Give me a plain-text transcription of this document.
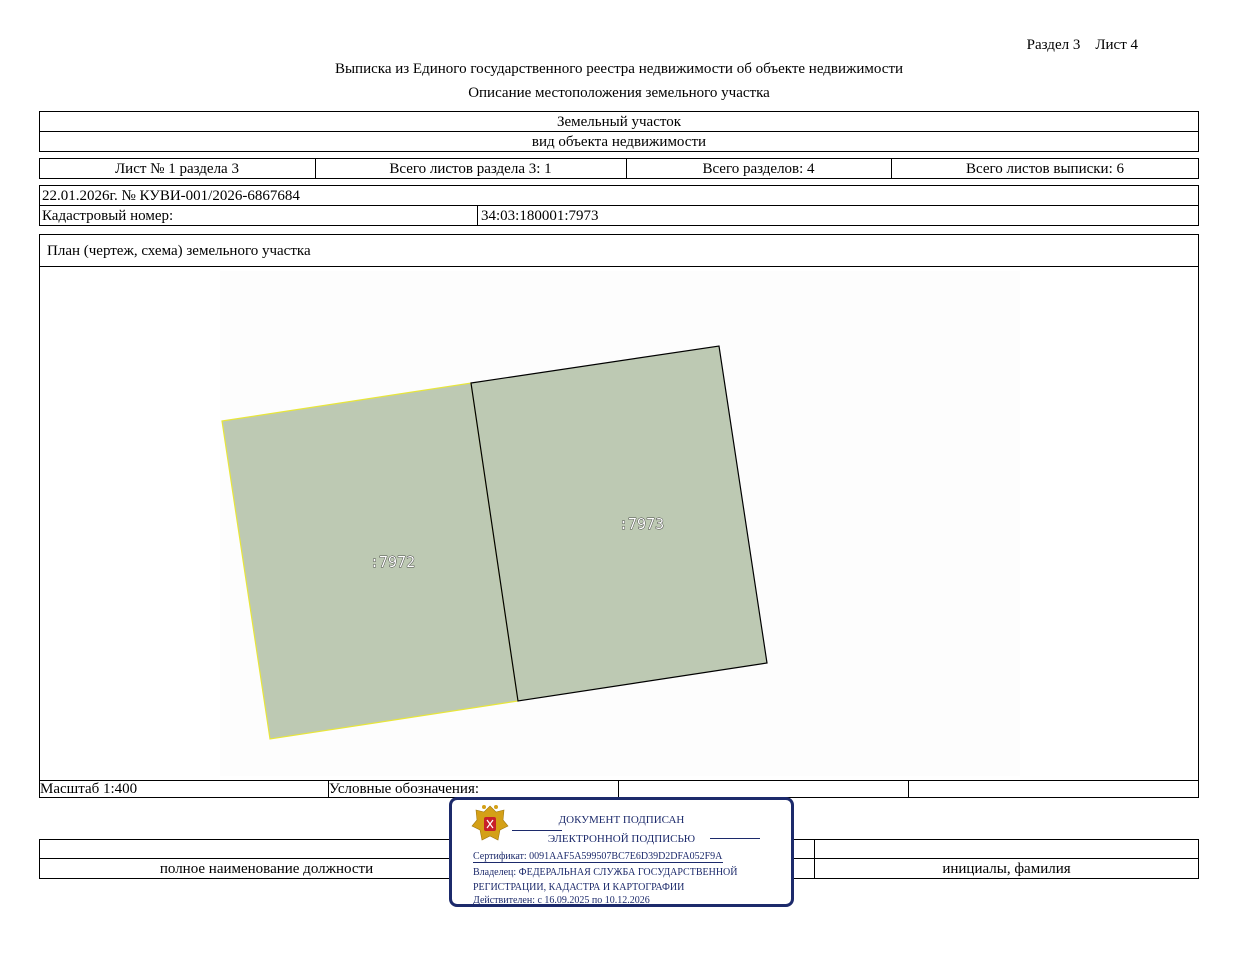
Раздел 3    Лист 4
Выписка из Единого государственного реестра недвижимости об объекте недвижимости
Описание местоположения земельного участка
Земельный участок
вид объекта недвижимости
Лист № 1 раздела 3	Всего листов раздела 3: 1	Всего разделов: 4	Всего листов выписки: 6
22.01.2026г. № КУВИ-001/2026-6867684
Кадастровый номер:	34:03:180001:7973
План (чертеж, схема) земельного участка
:7972
:7973
Масштаб 1:400	Условные обозначения:
полное наименование должности	инициалы, фамилия
ДОКУМЕНТ ПОДПИСАН
ЭЛЕКТРОННОЙ ПОДПИСЬЮ
Сертификат: 0091AAF5A599507BC7E6D39D2DFA052F9A
Владелец: ФЕДЕРАЛЬНАЯ СЛУЖБА ГОСУДАРСТВЕННОЙ
РЕГИСТРАЦИИ, КАДАСТРА И КАРТОГРАФИИ
Действителен: с 16.09.2025 по 10.12.2026
